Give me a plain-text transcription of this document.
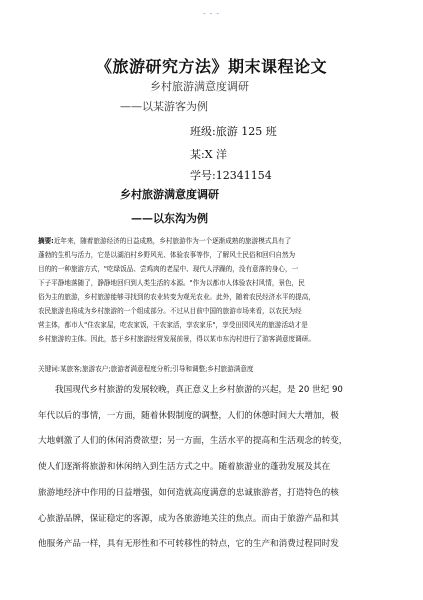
- - -
《旅游研究方法》期末课程论文
乡村旅游满意度调研
——以某游客为例
班级:旅游 125 班
某:X 洋
学号:12341154
乡村旅游满意度调研
——以东沟为例
摘要:近年来，随着旅游经济的日益成熟，乡村旅游作为一个逐渐成熟的旅游模式具有了
蓬勃的生机与活力，它是以湖泊村乡野风光、体验农事等作，了解风土民俗和回归自然为
目的的一种旅游方式，"吃绿饭品、尝鸡肉的老屋中、现代人浮躁的，没有意落的身心，一
下子平静地落随了，静静地回归到人类生活的本源。"作为以都市人体验农村风情，景色，民
俗为主的旅游，乡村旅游能够寻找到的农业转变为观光农业。此外，随着农民经济水平的提高，
农民旅游也将成为乡村旅游的一个组成部分。不过从目前中国的旅游市场来看，以农民为经
营主体，都市人"住农家屋，吃农家饭，干农家活，享农家乐"，享受田园风光的旅游活动才是
乡村旅游的主体。因此，基于乡村旅游经营发展前景，得以某市东沟村进行了游客满意度调研。
关键词:某旅客;旅游农户;旅游者满意程度分析;引导和调整;乡村旅游满意度
我国现代乡村旅游的发展较晚，真正意义上乡村旅游的兴起，是 20 世纪 90
年代以后的事情，一方面，随着休假制度的调整，人们的休憩时间大大增加，极
大地刺激了人们的休闲消费欲望；另一方面，生活水平的提高和生活观念的转变，
使人们逐渐将旅游和休闲纳入到生活方式之中。随着旅游业的蓬勃发展及其在
旅游地经济中作用的日益增强，如何造就高度满意的忠诚旅游者，打造特色的核
心旅游品牌，保证稳定的客源，成为各旅游地关注的焦点。而由于旅游产品和其
他服务产品一样，具有无形性和不可转移性的特点，它的生产和消费过程同时发
